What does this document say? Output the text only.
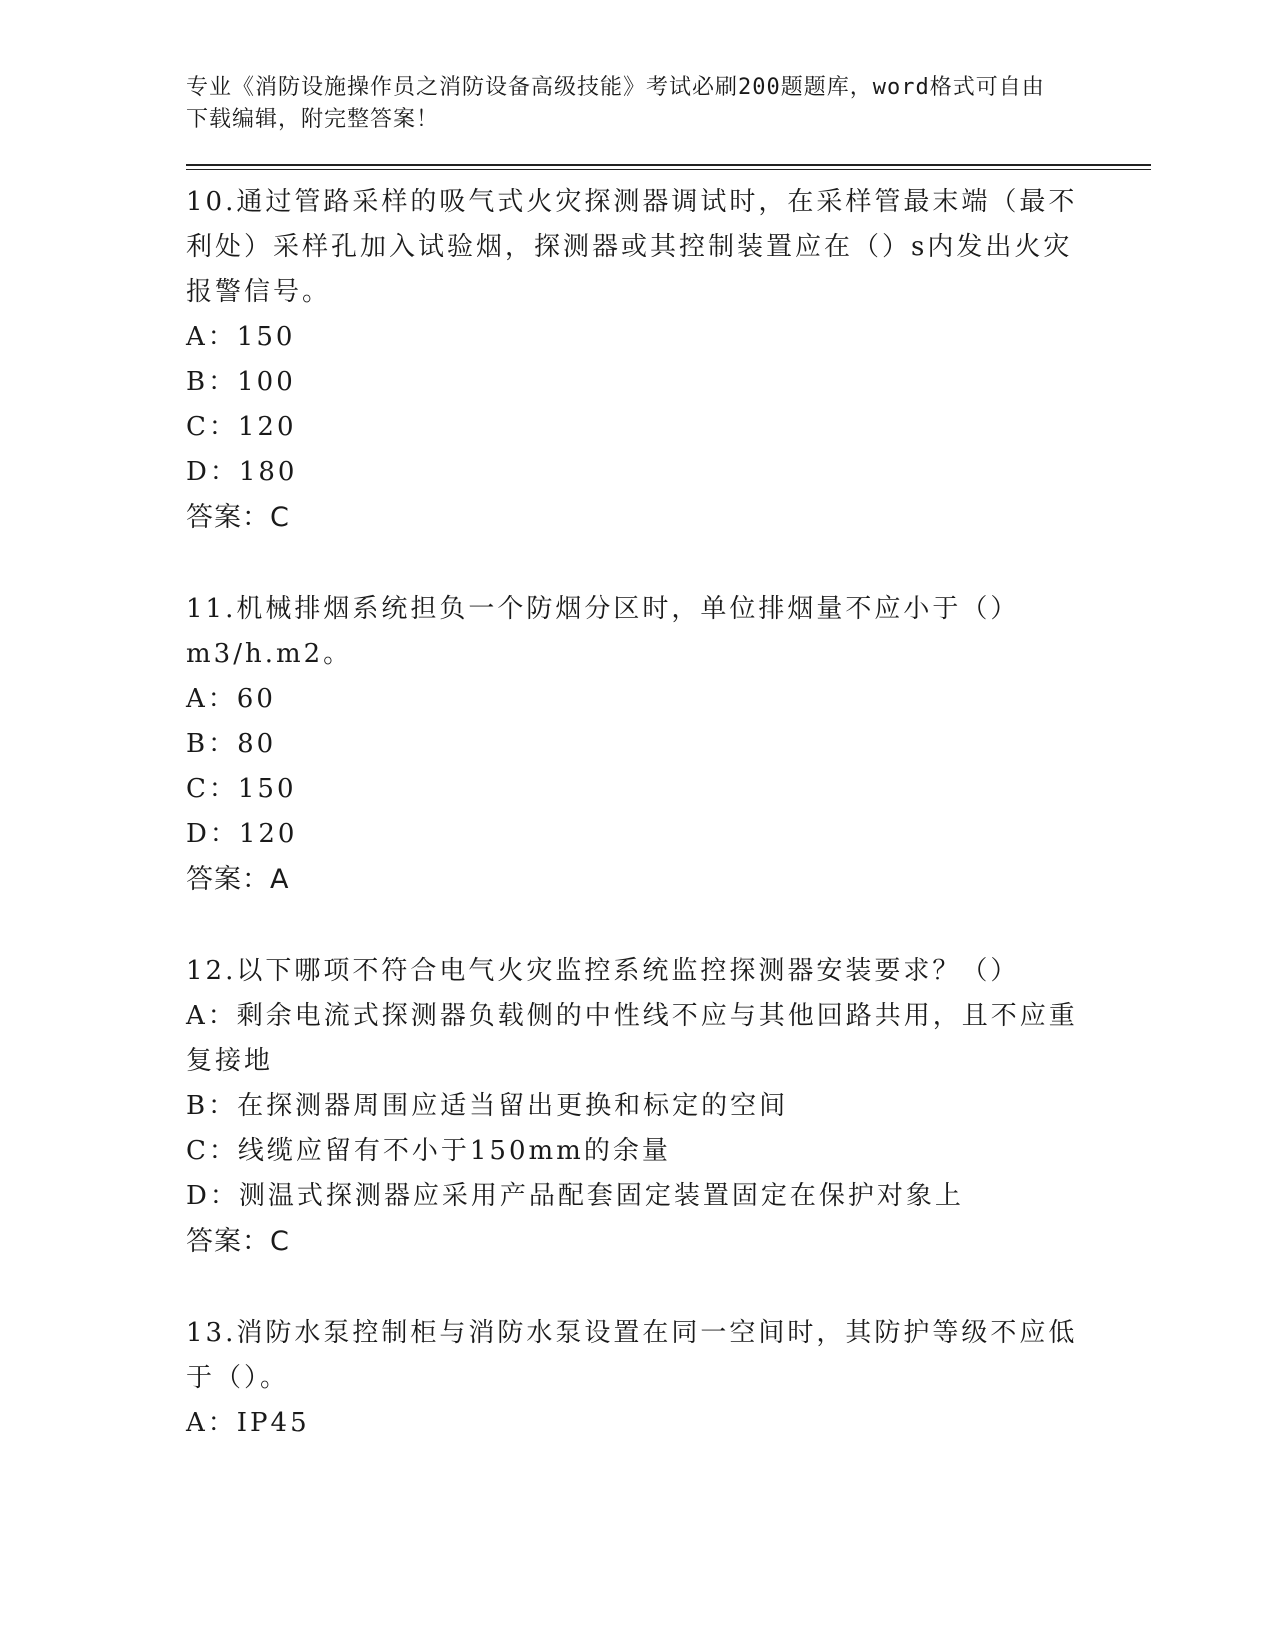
专业《消防设施操作员之消防设备高级技能》考试必刷200题题库，word格式可自由下载编辑，附完整答案！
10.通过管路采样的吸气式火灾探测器调试时，在采样管最末端（最不利处）采样孔加入试验烟，探测器或其控制装置应在（）s内发出火灾报警信号。
A：150
B：100
C：120
D：180
答案：C
11.机械排烟系统担负一个防烟分区时，单位排烟量不应小于（）m3/h.m2。
A：60
B：80
C：150
D：120
答案：A
12.以下哪项不符合电气火灾监控系统监控探测器安装要求？（）
A：剩余电流式探测器负载侧的中性线不应与其他回路共用，且不应重复接地
B：在探测器周围应适当留出更换和标定的空间
C：线缆应留有不小于150mm的余量
D：测温式探测器应采用产品配套固定装置固定在保护对象上
答案：C
13.消防水泵控制柜与消防水泵设置在同一空间时，其防护等级不应低于（）。
A：IP45
